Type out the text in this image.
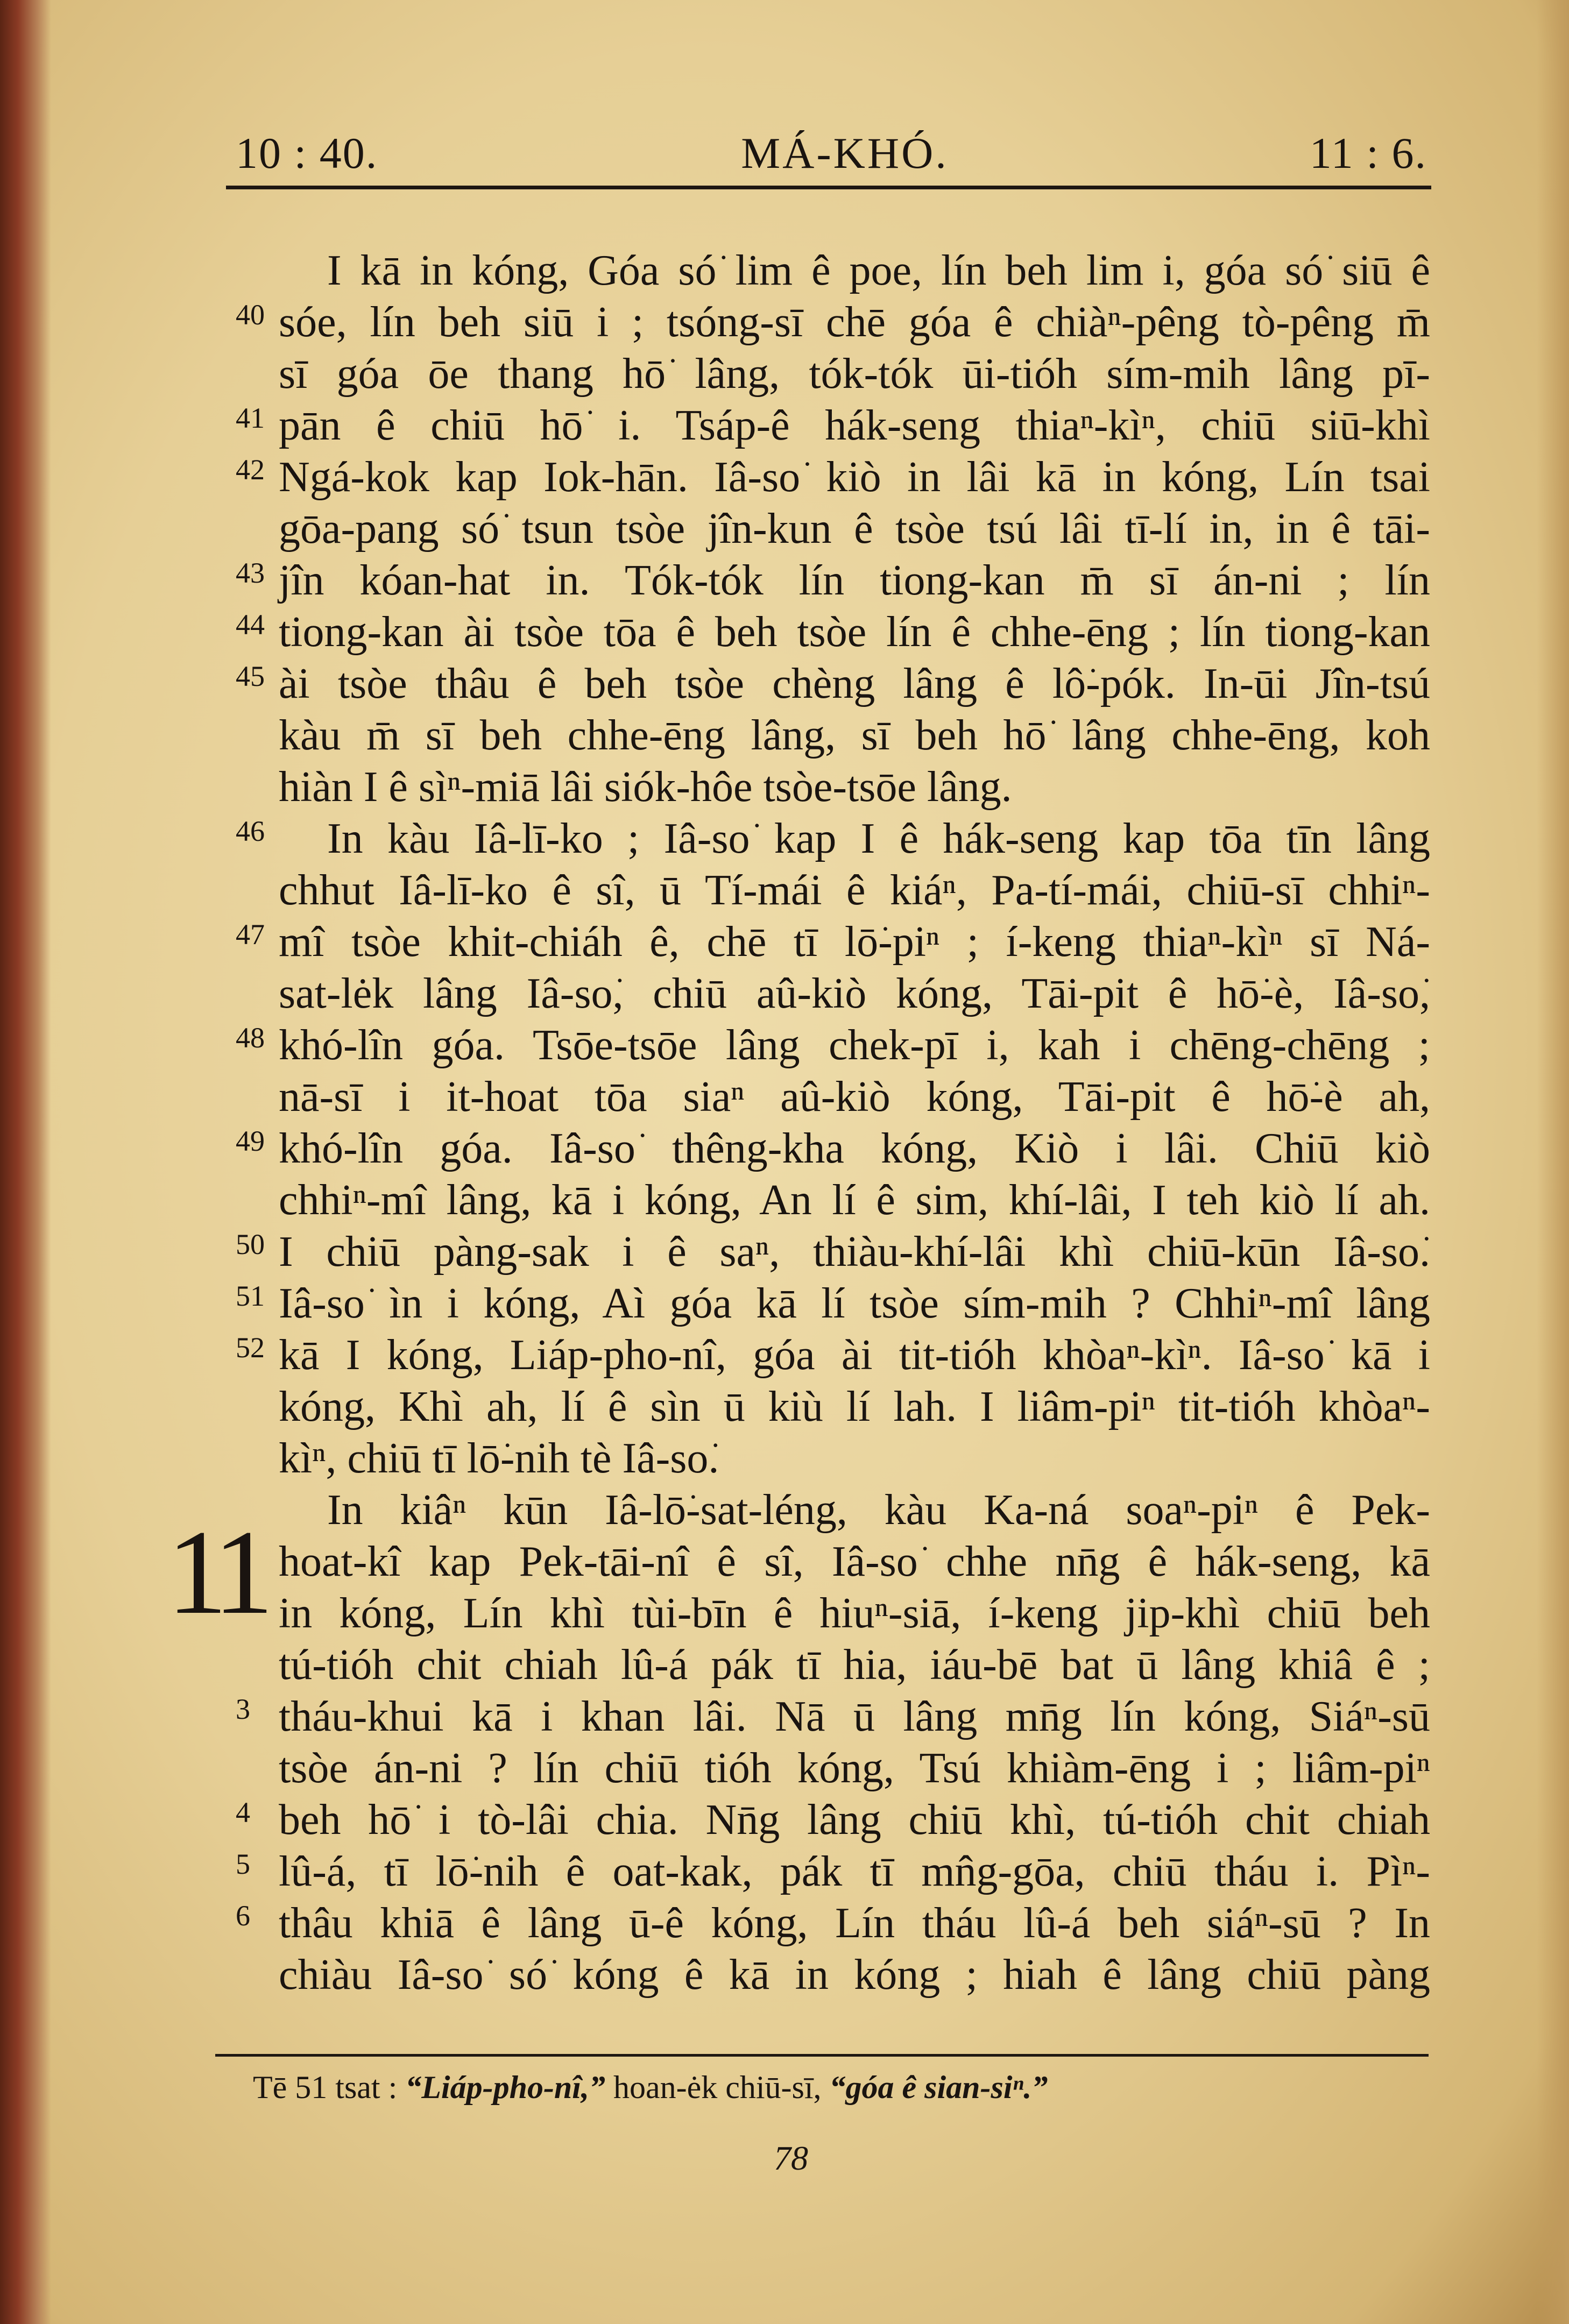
10 : 40.	MÁ-KHÓ.	11 : 6.
11
40
41
42
43
44
45
46
47
48
49
50
51
52
3
4
5
6
I kā in kóng, Góa só͘ lim ê poe, lín beh lim i, góa só͘ siū ê
sóe, lín beh siū i ; tsóng-sī chē góa ê chiàⁿ-pêng tò-pêng m̄
sī góa ōe thang hō͘ lâng, tók-tók ūi-tióh sím-mih lâng pī-
pān ê chiū hō͘ i. Tsáp-ê hák-seng thiaⁿ-kìⁿ, chiū siū-khì
Ngá-kok kap Iok-hān. Iâ-so͘ kiò in lâi kā in kóng, Lín tsai
gōa-pang só͘ tsun tsòe jîn-kun ê tsòe tsú lâi tī-lí in, in ê tāi-
jîn kóan-hat in. Tók-tók lín tiong-kan m̄ sī án-ni ; lín
tiong-kan ài tsòe tōa ê beh tsòe lín ê chhe-ēng ; lín tiong-kan
ài tsòe thâu ê beh tsòe chèng lâng ê lô͘-pók. In-ūi Jîn-tsú
kàu m̄ sī beh chhe-ēng lâng, sī beh hō͘ lâng chhe-ēng, koh
hiàn I ê sìⁿ-miā lâi siók-hôe tsòe-tsōe lâng.
In kàu Iâ-lī-ko ; Iâ-so͘ kap I ê hák-seng kap tōa tīn lâng
chhut Iâ-lī-ko ê sî, ū Tí-mái ê kiáⁿ, Pa-tí-mái, chiū-sī chhiⁿ-
mî tsòe khit-chiáh ê, chē tī lō͘-piⁿ ; í-keng thiaⁿ-kìⁿ sī Ná-
sat-lėk lâng Iâ-so͘, chiū aû-kiò kóng, Tāi-pit ê hō͘-è, Iâ-so͘,
khó-lîn góa. Tsōe-tsōe lâng chek-pī i, kah i chēng-chēng ;
nā-sī i it-hoat tōa siaⁿ aû-kiò kóng, Tāi-pit ê hō͘-è ah,
khó-lîn góa. Iâ-so͘ thêng-kha kóng, Kiò i lâi. Chiū kiò
chhiⁿ-mî lâng, kā i kóng, An lí ê sim, khí-lâi, I teh kiò lí ah.
I chiū pàng-sak i ê saⁿ, thiàu-khí-lâi khì chiū-kūn Iâ-so͘.
Iâ-so͘ ìn i kóng, Aì góa kā lí tsòe sím-mih ? Chhiⁿ-mî lâng
kā I kóng, Liáp-pho-nî, góa ài tit-tióh khòaⁿ-kìⁿ. Iâ-so͘ kā i
kóng, Khì ah, lí ê sìn ū kiù lí lah. I liâm-piⁿ tit-tióh khòaⁿ-
kìⁿ, chiū tī lō͘-nih tè Iâ-so͘.
In kiâⁿ kūn Iâ-lō͘-sat-léng, kàu Ka-ná soaⁿ-piⁿ ê Pek-
hoat-kî kap Pek-tāi-nî ê sî, Iâ-so͘ chhe nn̄g ê hák-seng, kā
in kóng, Lín khì tùi-bīn ê hiuⁿ-siā, í-keng jip-khì chiū beh
tú-tióh chit chiah lû-á pák tī hia, iáu-bē bat ū lâng khiâ ê ;
tháu-khui kā i khan lâi. Nā ū lâng mn̄g lín kóng, Siáⁿ-sū
tsòe án-ni ? lín chiū tióh kóng, Tsú khiàm-ēng i ; liâm-piⁿ
beh hō͘ i tò-lâi chia. Nn̄g lâng chiū khì, tú-tióh chit chiah
lû-á, tī lō͘-nih ê oat-kak, pák tī mn̂g-gōa, chiū tháu i. Pìⁿ-
thâu khiā ê lâng ū-ê kóng, Lín tháu lû-á beh siáⁿ-sū ? In
chiàu Iâ-so͘ só͘ kóng ê kā in kóng ; hiah ê lâng chiū pàng
Tē 51 tsat : “Liáp-pho-nî,” hoan-ėk chiū-sī, “góa ê sian-siⁿ.”
78
